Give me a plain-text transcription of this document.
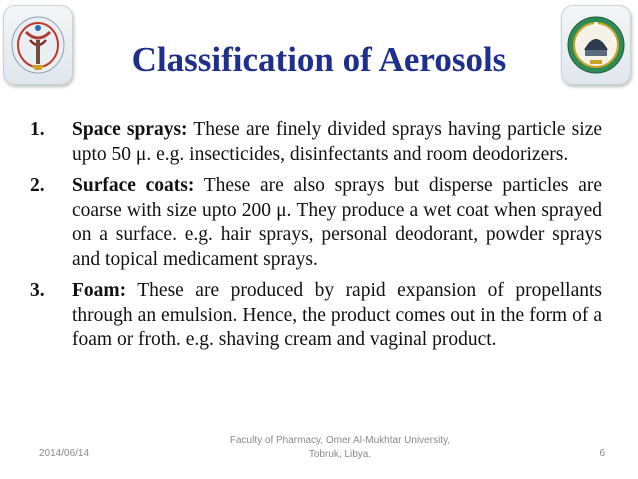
Classification of Aerosols
1. Space sprays: These are finely divided sprays having particle size upto 50 μ. e.g. insecticides, disinfectants and room deodorizers.
2. Surface coats: These are also sprays but disperse particles are coarse with size upto 200 μ. They produce a wet coat when sprayed on a surface. e.g. hair sprays, personal deodorant, powder sprays and topical medicament sprays.
3. Foam: These are produced by rapid expansion of propellants through an emulsion. Hence, the product comes out in the form of a foam or froth. e.g. shaving cream and vaginal product.
2014/06/14
Faculty of Pharmacy, Omer Al-Mukhtar University,
Tobruk, Libya.	6
